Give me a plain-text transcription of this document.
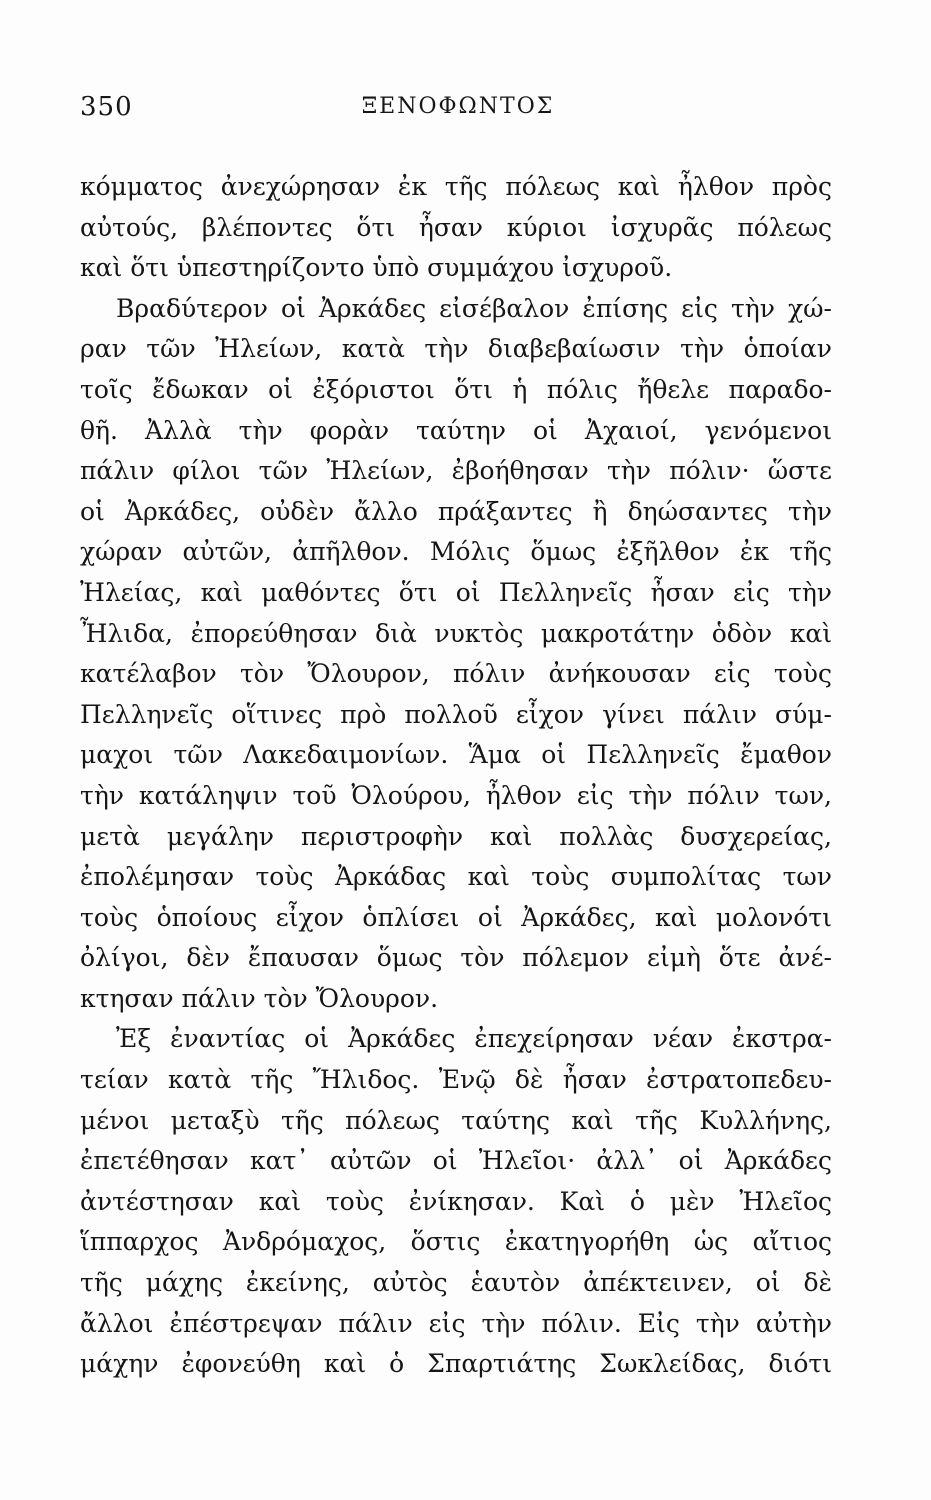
350	ΞΕΝΟΦΩΝΤΟΣ
κόμματος ἀνεχώρησαν ἐκ τῆς πόλεως καὶ ἦλθον πρὸς
αὐτούς, βλέποντες ὅτι ἦσαν κύριοι ἰσχυρᾶς πόλεως
καὶ ὅτι ὑπεστηρίζοντο ὑπὸ συμμάχου ἰσχυροῦ.
Βραδύτερον οἱ Ἀρκάδες εἰσέβαλον ἐπίσης εἰς τὴν χώ-
ραν τῶν Ἠλείων, κατὰ τὴν διαβεβαίωσιν τὴν ὁποίαν
τοῖς ἔδωκαν οἱ ἐξόριστοι ὅτι ἡ πόλις ἤθελε παραδο-
θῆ. Ἀλλὰ τὴν φορὰν ταύτην οἱ Ἀχαιοί, γενόμενοι
πάλιν φίλοι τῶν Ἠλείων, ἐβοήθησαν τὴν πόλιν· ὥστε
οἱ Ἀρκάδες, οὐδὲν ἄλλο πράξαντες ἢ δηώσαντες τὴν
χώραν αὐτῶν, ἀπῆλθον. Μόλις ὅμως ἐξῆλθον ἐκ τῆς
Ἠλείας, καὶ μαθόντες ὅτι οἱ Πελληνεῖς ἦσαν εἰς τὴν
Ἦλιδα, ἐπορεύθησαν διὰ νυκτὸς μακροτάτην ὁδὸν καὶ
κατέλαβον τὸν Ὄλουρον, πόλιν ἀνήκουσαν εἰς τοὺς
Πελληνεῖς οἵτινες πρὸ πολλοῦ εἶχον γίνει πάλιν σύμ-
μαχοι τῶν Λακεδαιμονίων. Ἅμα οἱ Πελληνεῖς ἔμαθον
τὴν κατάληψιν τοῦ Ὀλούρου, ἦλθον εἰς τὴν πόλιν των,
μετὰ μεγάλην περιστροφὴν καὶ πολλὰς δυσχερείας,
ἐπολέμησαν τοὺς Ἀρκάδας καὶ τοὺς συμπολίτας των
τοὺς ὁποίους εἶχον ὁπλίσει οἱ Ἀρκάδες, καὶ μολονότι
ὀλίγοι, δὲν ἔπαυσαν ὅμως τὸν πόλεμον εἰμὴ ὅτε ἀνέ-
κτησαν πάλιν τὸν Ὄλουρον.
Ἐξ ἐναντίας οἱ Ἀρκάδες ἐπεχείρησαν νέαν ἐκστρα-
τείαν κατὰ τῆς Ἤλιδος. Ἐνῷ δὲ ἦσαν ἐστρατοπεδευ-
μένοι μεταξὺ τῆς πόλεως ταύτης καὶ τῆς Κυλλήνης,
ἐπετέθησαν κατ᾽ αὐτῶν οἱ Ἠλεῖοι· ἀλλ᾽ οἱ Ἀρκάδες
ἀντέστησαν καὶ τοὺς ἐνίκησαν. Καὶ ὁ μὲν Ἠλεῖος
ἵππαρχος Ἀνδρόμαχος, ὅστις ἐκατηγορήθη ὡς αἴτιος
τῆς μάχης ἐκείνης, αὐτὸς ἑαυτὸν ἀπέκτεινεν, οἱ δὲ
ἄλλοι ἐπέστρεψαν πάλιν εἰς τὴν πόλιν. Εἰς τὴν αὐτὴν
μάχην ἐφονεύθη καὶ ὁ Σπαρτιάτης Σωκλείδας, διότι
